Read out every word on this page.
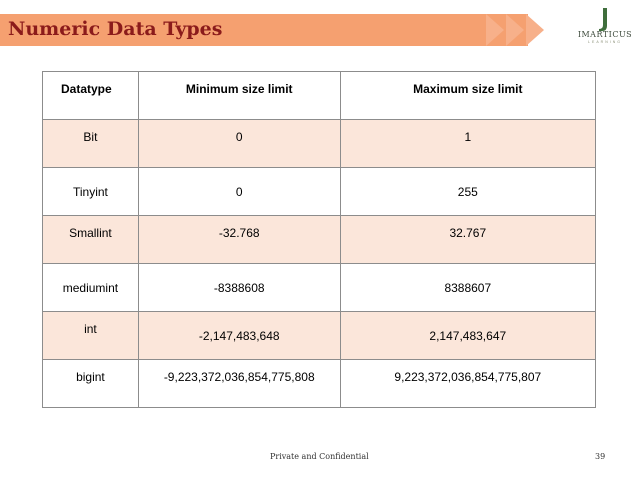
Numeric Data Types	IMARTICUS
LEARNING
Datatype	Minimum size limit	Maximum size limit
Bit	0	1
Tinyint	0	255
Smallint	-32.768	32.767
mediumint	-8388608	8388607
int	-2,147,483,648	2,147,483,647
bigint	-9,223,372,036,854,775,808	9,223,372,036,854,775,807
Private and Confidential	39
